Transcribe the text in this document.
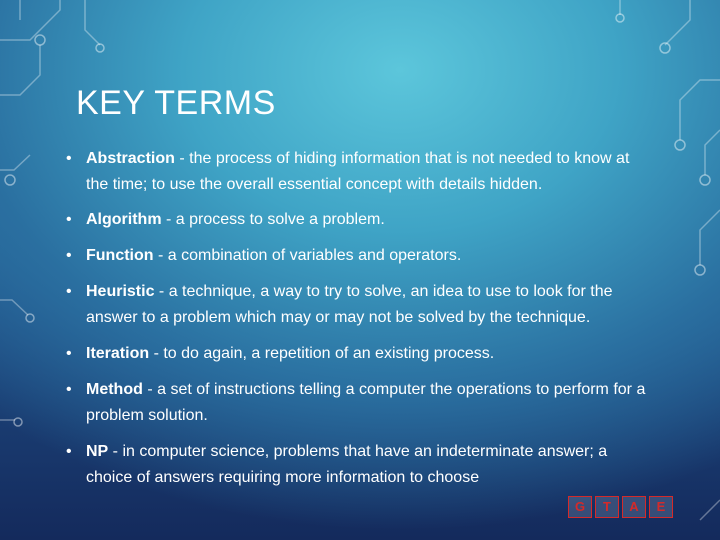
KEY TERMS
• Abstraction - the process of hiding information that is not needed to know at the time; to use the overall essential concept with details hidden.
• Algorithm - a process to solve a problem.
• Function - a combination of variables and operators.
• Heuristic - a technique, a way to try to solve, an idea to use to look for the answer to a problem which may or may not be solved by the technique.
• Iteration - to do again, a repetition of an existing process.
• Method - a set of instructions telling a computer the operations to perform for a problem solution.
• NP - in computer science, problems that have an indeterminate answer; a choice of answers requiring more information to choose
G	T	A	E
